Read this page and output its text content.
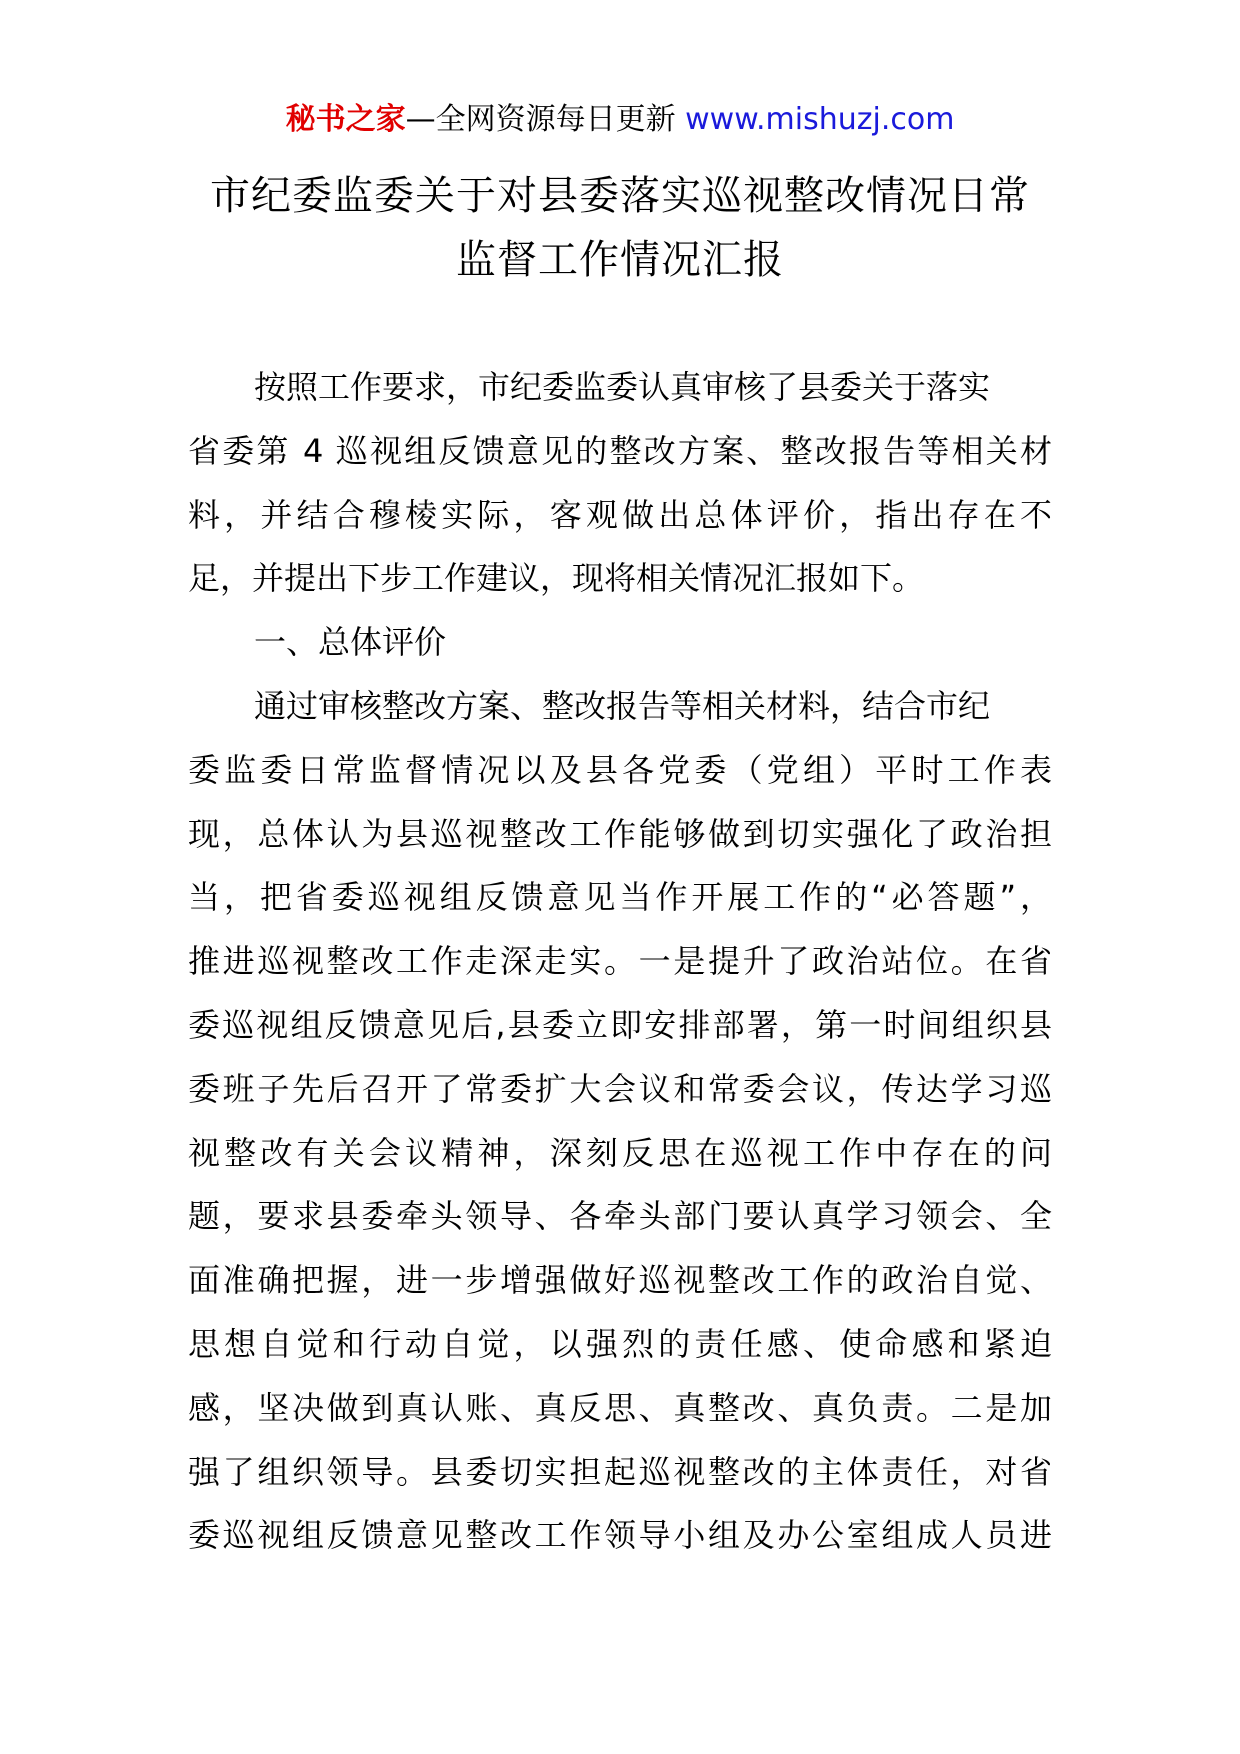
秘书之家—全网资源每日更新 www.mishuzj.com
市纪委监委关于对县委落实巡视整改情况日常
监督工作情况汇报
按照工作要求，市纪委监委认真审核了县委关于落实
省委第 4 巡视组反馈意见的整改方案、整改报告等相关材
料，并结合穆棱实际，客观做出总体评价，指出存在不
足，并提出下步工作建议，现将相关情况汇报如下。
一、总体评价
通过审核整改方案、整改报告等相关材料，结合市纪
委监委日常监督情况以及县各党委（党组）平时工作表
现，总体认为县巡视整改工作能够做到切实强化了政治担
当，把省委巡视组反馈意见当作开展工作的“必答题”，
推进巡视整改工作走深走实。一是提升了政治站位。在省
委巡视组反馈意见后,县委立即安排部署，第一时间组织县
委班子先后召开了常委扩大会议和常委会议，传达学习巡
视整改有关会议精神，深刻反思在巡视工作中存在的问
题，要求县委牵头领导、各牵头部门要认真学习领会、全
面准确把握，进一步增强做好巡视整改工作的政治自觉、
思想自觉和行动自觉，以强烈的责任感、使命感和紧迫
感，坚决做到真认账、真反思、真整改、真负责。二是加
强了组织领导。县委切实担起巡视整改的主体责任，对省
委巡视组反馈意见整改工作领导小组及办公室组成人员进
